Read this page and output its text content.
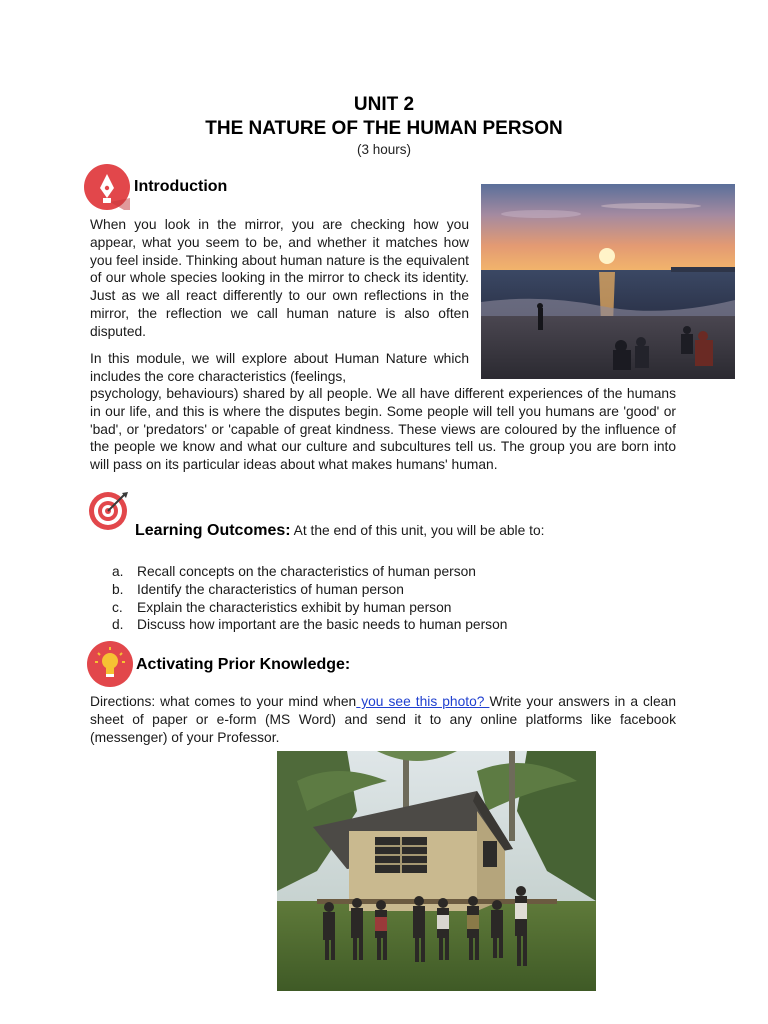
UNIT 2
THE NATURE OF THE HUMAN PERSON
(3 hours)
Introduction
When you look in the mirror, you are checking how you appear, what you seem to be, and whether it matches how you feel inside. Thinking about human nature is the equivalent of our whole species looking in the mirror to check its identity. Just as we all react differently to our own reflections in the mirror, the reflection we call human nature is also often disputed.
In this module, we will explore about Human Nature which includes the core characteristics (feelings,
psychology, behaviours) shared by all people. We all have different experiences of the humans in our life, and this is where the disputes begin. Some people will tell you humans are 'good' or 'bad', or 'predators' or 'capable of great kindness. These views are coloured by the influence of the people we know and what our culture and subcultures tell us. The group you are born into will pass on its particular ideas about what makes humans' human.
Learning Outcomes: At the end of this unit, you will be able to:
a. Recall concepts on the characteristics of human person
b. Identify the characteristics of human person
c. Explain the characteristics exhibit by human person
d. Discuss how important are the basic needs to human person
Activating Prior Knowledge:
Directions: what comes to your mind when you see this photo? Write your answers in a clean sheet of paper or e-form (MS Word) and send it to any online platforms like facebook (messenger) of your Professor.
